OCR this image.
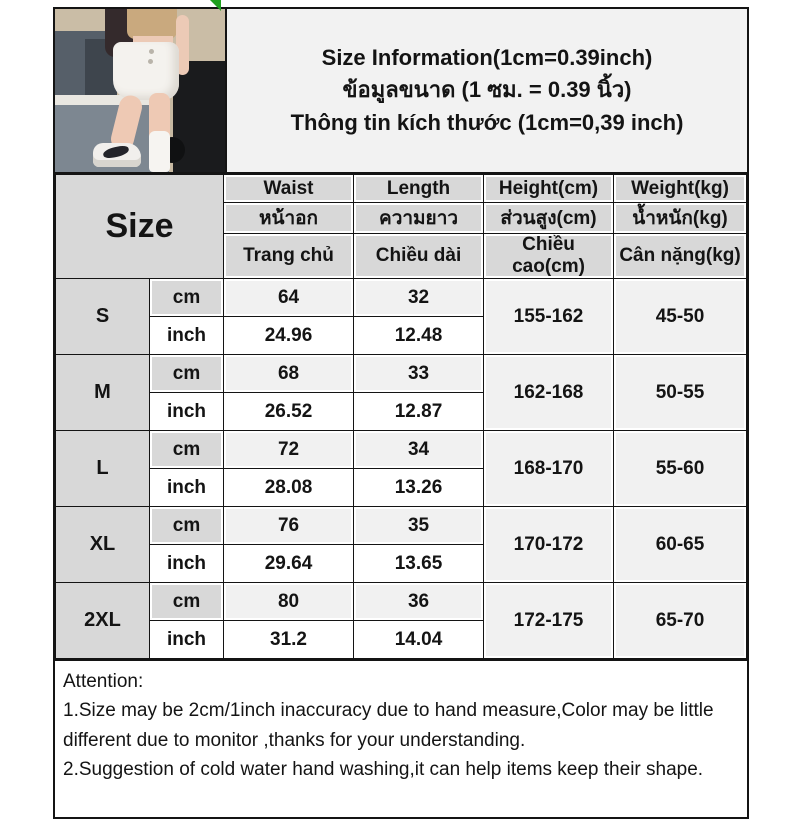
Size Information(1cm=0.39inch)
ข้อมูลขนาด (1 ซม. = 0.39 นิ้ว)
Thông tin kích thước (1cm=0,39 inch)
Size		Waist	Length	Height(cm)	Weight(kg)
		หน้าอก	ความยาว	ส่วนสูง(cm)	น้ำหนัก(kg)
		Trang chủ	Chiều dài	Chiều cao(cm)	Cân nặng(kg)
S	cm	64	32	155-162	45-50
	inch	24.96	12.48		
M	cm	68	33	162-168	50-55
	inch	26.52	12.87		
L	cm	72	34	168-170	55-60
	inch	28.08	13.26		
XL	cm	76	35	170-172	60-65
	inch	29.64	13.65		
2XL	cm	80	36	172-175	65-70
	inch	31.2	14.04		

Attention:

1.Size may be 2cm/1inch inaccuracy due to hand measure,Color may be little different due to monitor ,thanks for your understanding.

2.Suggestion of cold water hand washing,it can help items keep their shape.
